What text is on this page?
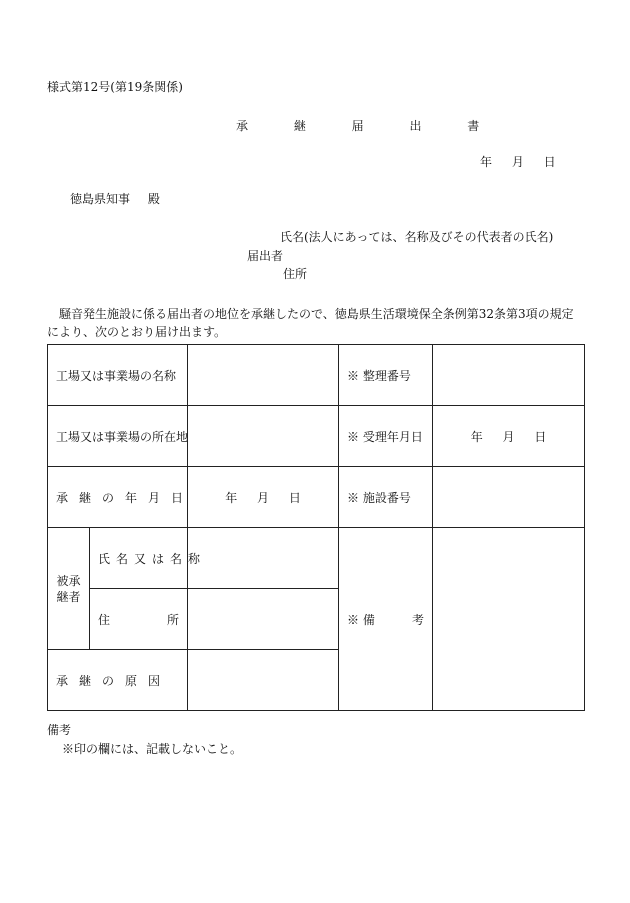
様式第12号(第19条関係)
承 継 届 出 書
年 月 日
徳島県知事 殿
氏名(法人にあっては、名称及びその代表者の氏名)
届出者
住所
騒音発生施設に係る届出者の地位を承継したので、徳島県生活環境保全条例第32条第3項の規定により、次のとおり届け出ます。
工場又は事業場の名称			※ 整理番号	
工場又は事業場の所在地			※ 受理年月日	年 月 日
承継の年月日		年 月 日	※ 施設番号	
被承継者	氏名又は名称		※ 備 考	

	住 所			

承継の原因				
備考
※印の欄には、記載しないこと。
